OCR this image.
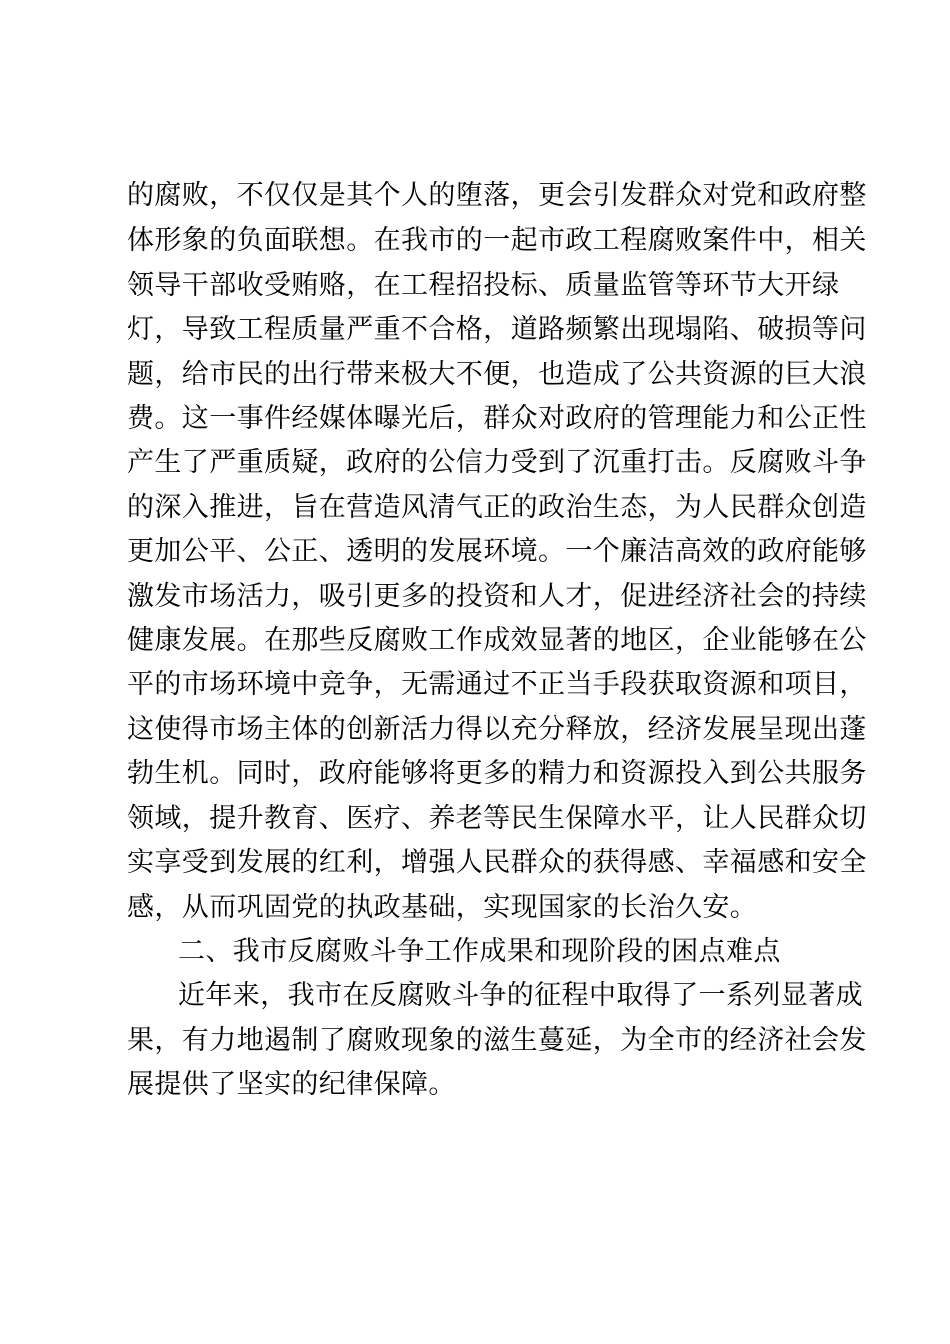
的腐败，不仅仅是其个人的堕落，更会引发群众对党和政府整
体形象的负面联想。在我市的一起市政工程腐败案件中，相关
领导干部收受贿赂，在工程招投标、质量监管等环节大开绿
灯，导致工程质量严重不合格，道路频繁出现塌陷、破损等问
题，给市民的出行带来极大不便，也造成了公共资源的巨大浪
费。这一事件经媒体曝光后，群众对政府的管理能力和公正性
产生了严重质疑，政府的公信力受到了沉重打击。反腐败斗争
的深入推进，旨在营造风清气正的政治生态，为人民群众创造
更加公平、公正、透明的发展环境。一个廉洁高效的政府能够
激发市场活力，吸引更多的投资和人才，促进经济社会的持续
健康发展。在那些反腐败工作成效显著的地区，企业能够在公
平的市场环境中竞争，无需通过不正当手段获取资源和项目，
这使得市场主体的创新活力得以充分释放，经济发展呈现出蓬
勃生机。同时，政府能够将更多的精力和资源投入到公共服务
领域，提升教育、医疗、养老等民生保障水平，让人民群众切
实享受到发展的红利，增强人民群众的获得感、幸福感和安全
感，从而巩固党的执政基础，实现国家的长治久安。
二、我市反腐败斗争工作成果和现阶段的困点难点
近年来，我市在反腐败斗争的征程中取得了一系列显著成
果，有力地遏制了腐败现象的滋生蔓延，为全市的经济社会发
展提供了坚实的纪律保障。
